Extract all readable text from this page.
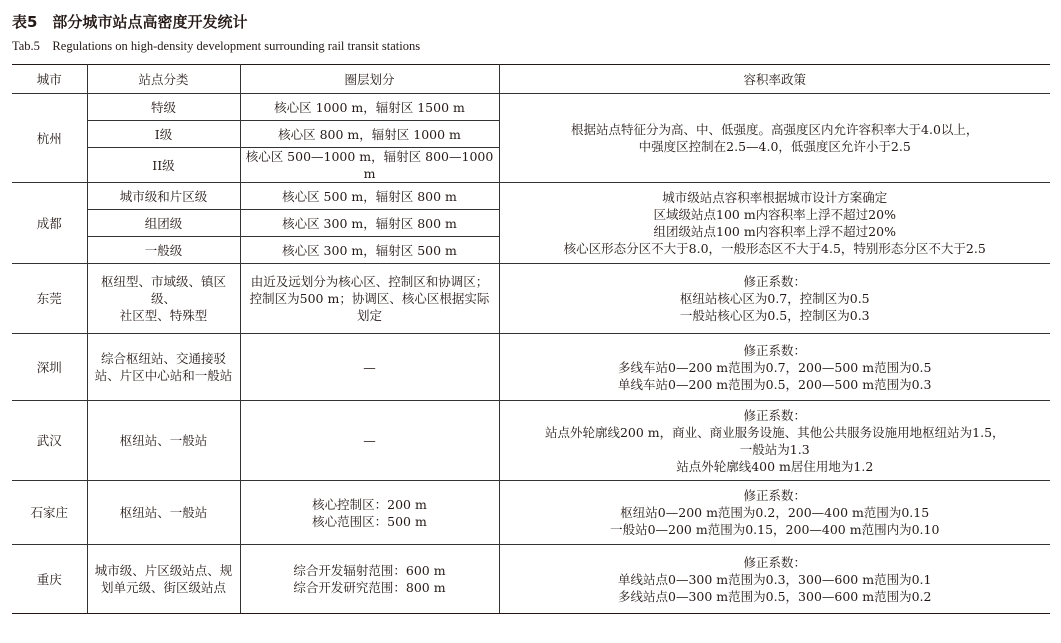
表5　部分城市站点高密度开发统计
Tab.5　Regulations on high-density development surrounding rail transit stations
城市	站点分类	圈层划分	容积率政策
杭州	特级	核心区 1000 m，辐射区 1500 m	根据站点特征分为高、中、低强度。高强度区内允许容积率大于4.0以上，
中强度区控制在2.5—4.0，低强度区允许小于2.5
	I级	核心区 800 m，辐射区 1000 m	
	II级	核心区 500—1000 m，辐射区 800—1000 m	
成都	城市级和片区级	核心区 500 m，辐射区 800 m	城市级站点容积率根据城市设计方案确定
区域级站点100 m内容积率上浮不超过20%
组团级站点100 m内容积率上浮不超过20%
核心区形态分区不大于8.0，一般形态区不大于4.5，特别形态分区不大于2.5
	组团级	核心区 300 m，辐射区 800 m	
	一般级	核心区 300 m，辐射区 500 m	
东莞	枢纽型、市域级、镇区级、
社区型、特殊型	由近及远划分为核心区、控制区和协调区；
控制区为500 m；协调区、核心区根据实际
划定	修正系数：
枢纽站核心区为0.7，控制区为0.5
一般站核心区为0.5，控制区为0.3
深圳	综合枢纽站、交通接驳
站、片区中心站和一般站	—	修正系数：
多线车站0—200 m范围为0.7，200—500 m范围为0.5
单线车站0—200 m范围为0.5，200—500 m范围为0.3
武汉	枢纽站、一般站	—	修正系数：
站点外轮廓线200 m，商业、商业服务设施、其他公共服务设施用地枢纽站为1.5，
一般站为1.3
站点外轮廓线400 m居住用地为1.2
石家庄	枢纽站、一般站	核心控制区：200 m
核心范围区：500 m	修正系数：
枢纽站0—200 m范围为0.2，200—400 m范围为0.15
一般站0—200 m范围为0.15，200—400 m范围内为0.10
重庆	城市级、片区级站点、规
划单元级、街区级站点	综合开发辐射范围：600 m
综合开发研究范围：800 m	修正系数：
单线站点0—300 m范围为0.3，300—600 m范围为0.1
多线站点0—300 m范围为0.5，300—600 m范围为0.2
